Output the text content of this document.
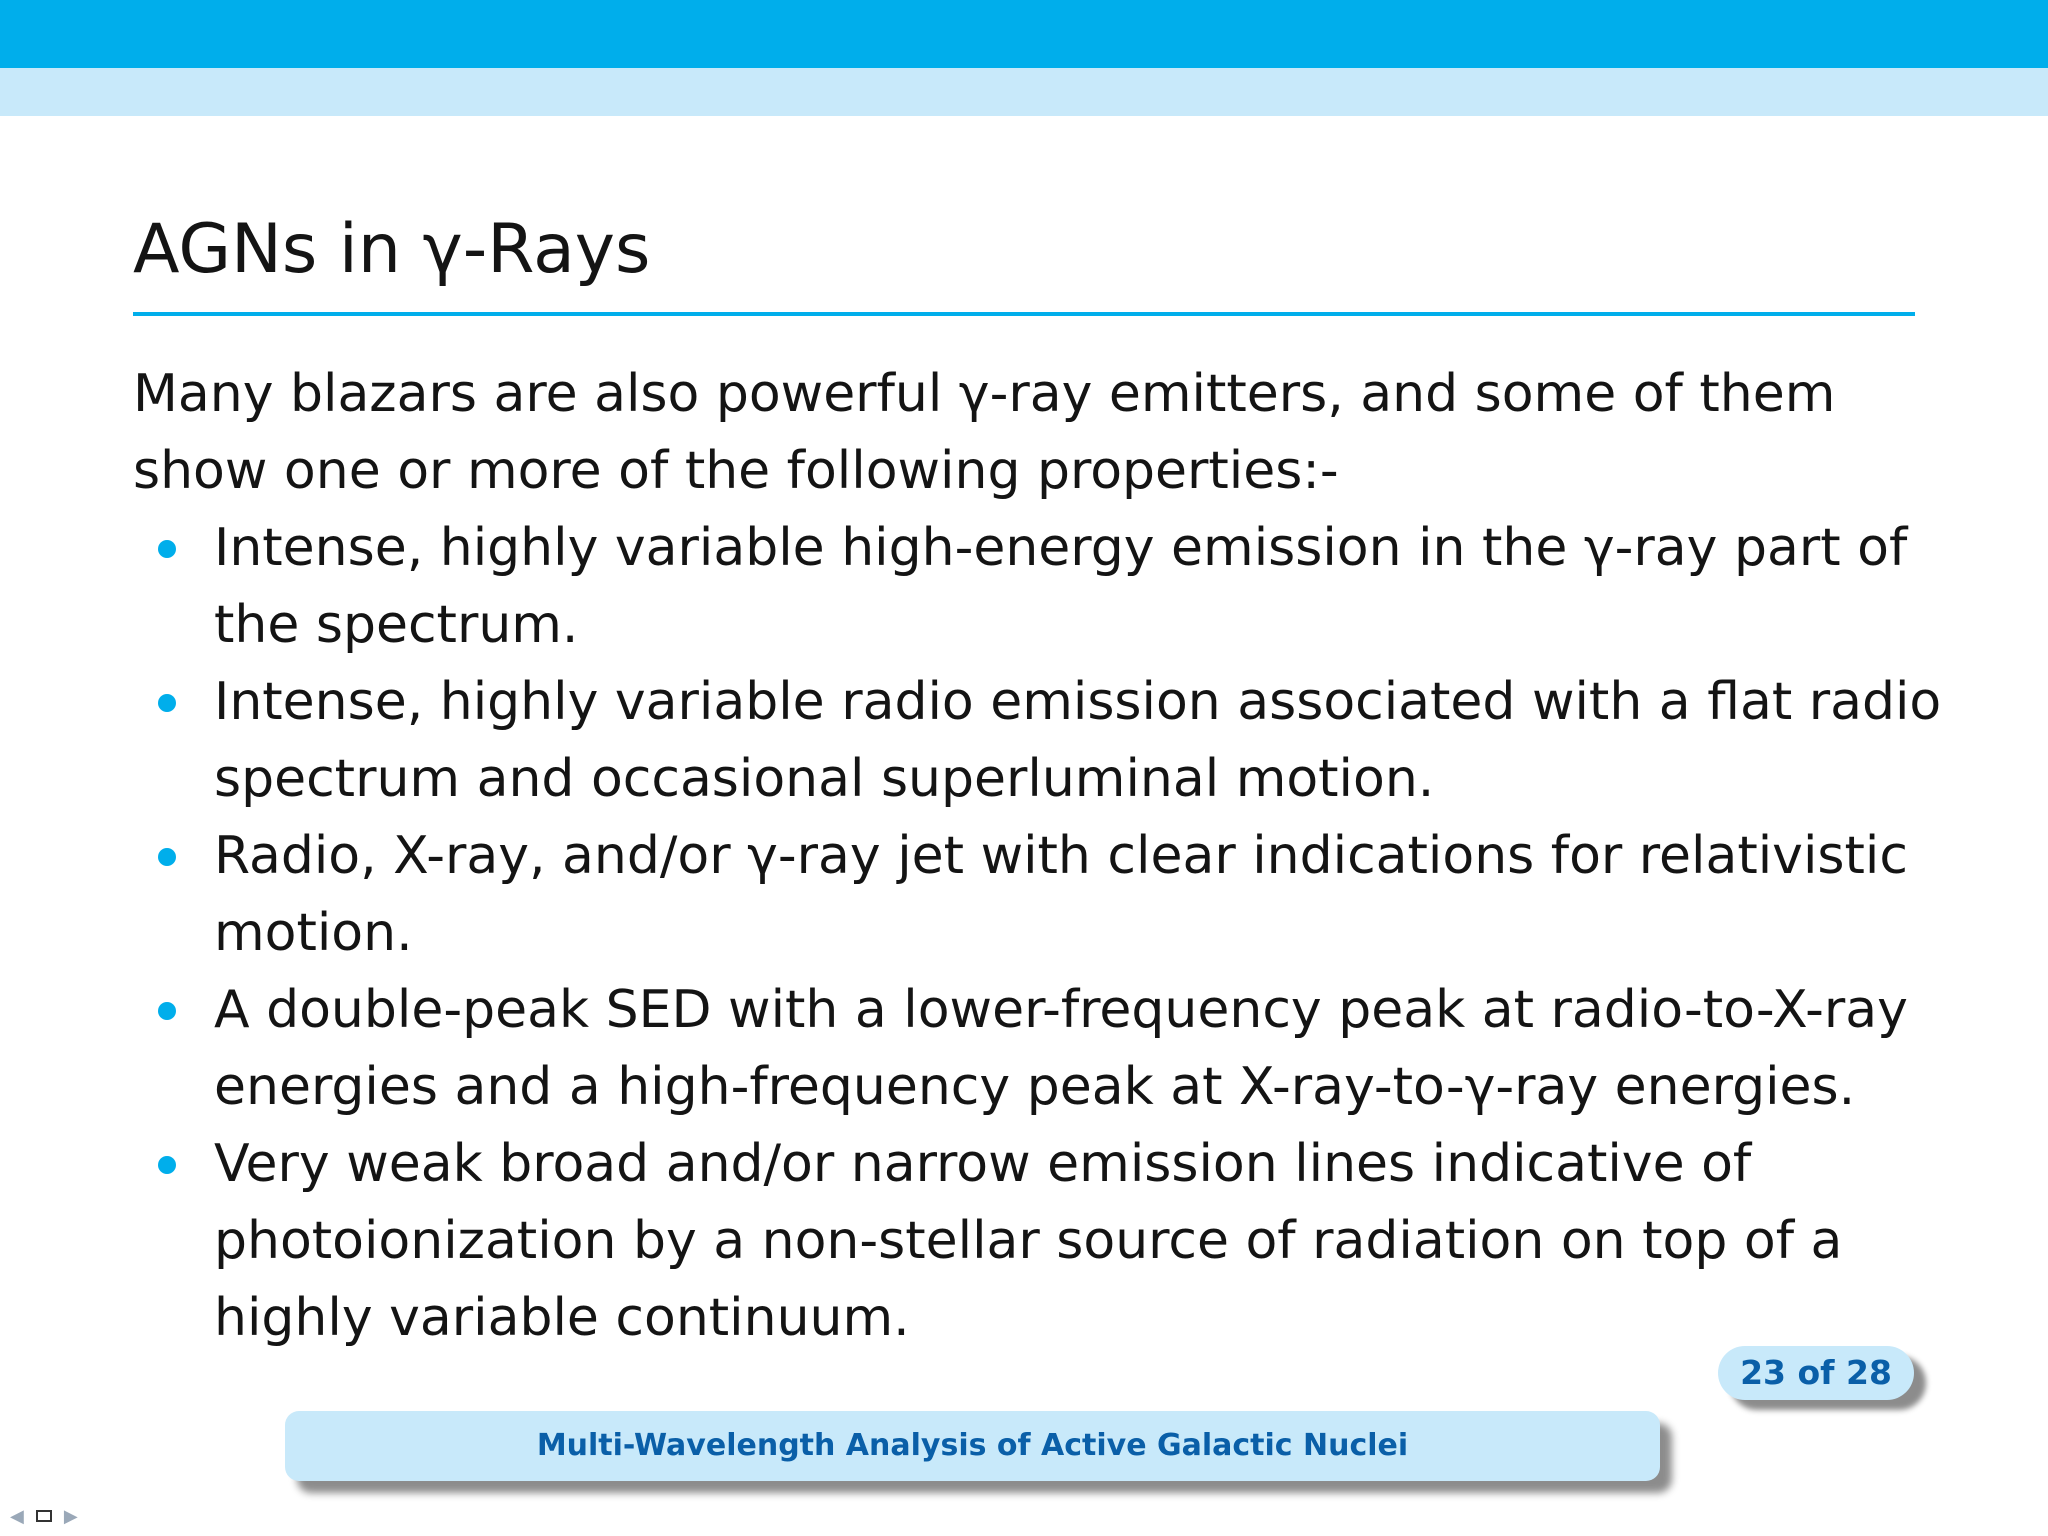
AGNs in γ-Rays

Many blazars are also powerful γ-ray emitters, and some of them
show one or more of the following properties:-

Intense, highly variable high-energy emission in the γ-ray part of
the spectrum.
Intense, highly variable radio emission associated with a flat radio
spectrum and occasional superluminal motion.
Radio, X-ray, and/or γ-ray jet with clear indications for relativistic
motion.
A double-peak SED with a lower-frequency peak at radio-to-X-ray
energies and a high-frequency peak at X-ray-to-γ-ray energies.
Very weak broad and/or narrow emission lines indicative of
photoionization by a non-stellar source of radiation on top of a
highly variable continuum.
23 of 28
Multi-Wavelength Analysis of Active Galactic Nuclei
◀ ▶
